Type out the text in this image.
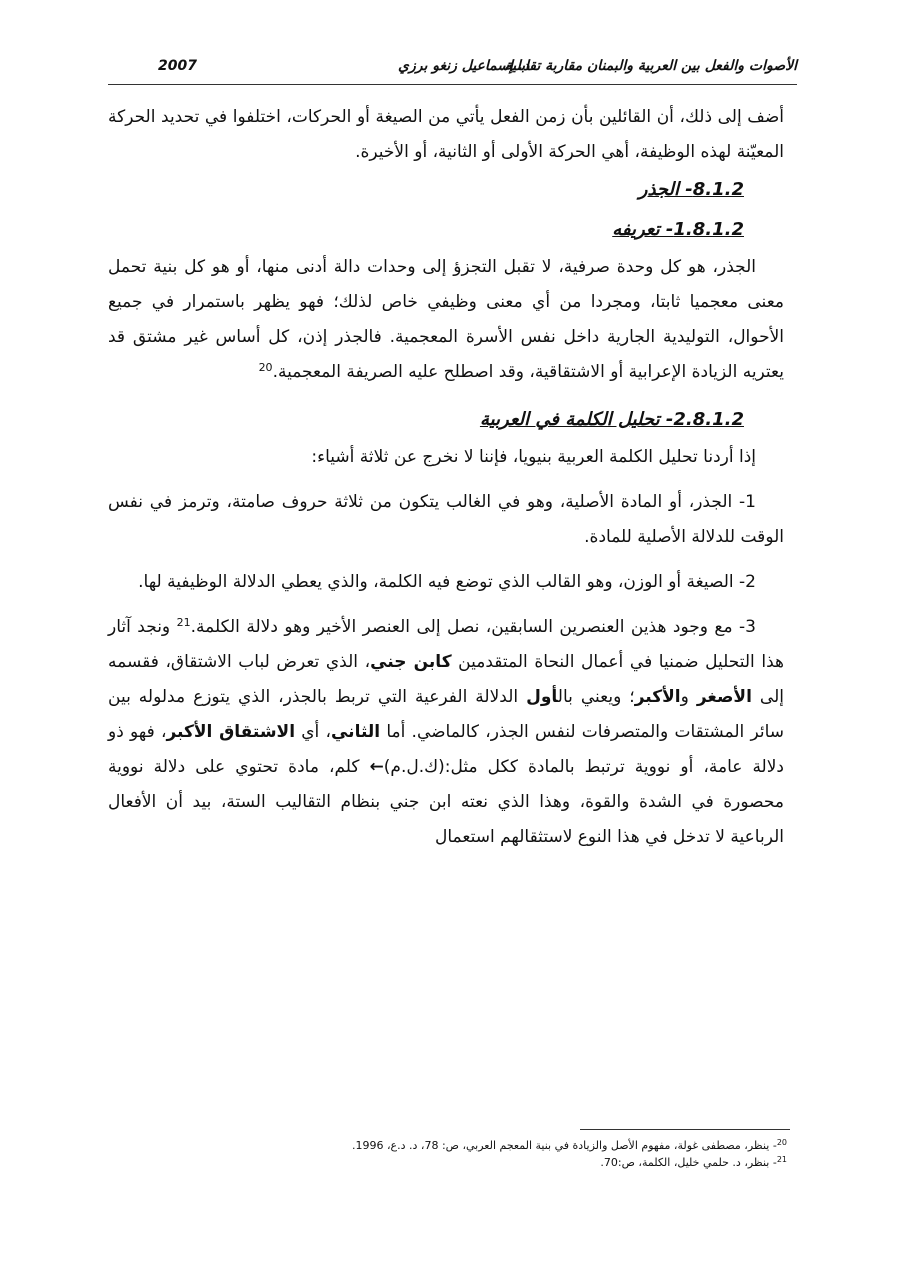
الأصوات والفعل بين العربية والبمنان مقاربة تقابلية
د. إسماعيل زنغو برزي
2007

أضف إلى ذلك، أن القائلين بأن زمن الفعل يأتي من الصيغة أو الحركات، اختلفوا في تحديد الحركة المعيّنة لهذه الوظيفة، أهي الحركة الأولى أو الثانية، أو الأخيرة.

8.1.2- الجذر
1.8.1.2- تعريفه

الجذر، هو كل وحدة صرفية، لا تقبل التجزؤ إلى وحدات دالة أدنى منها، أو هو كل بنية تحمل معنى معجميا ثابتا، ومجردا من أي معنى وظيفي خاص لذلك؛ فهو يظهر باستمرار في جميع الأحوال، التوليدية الجارية داخل نفس الأسرة المعجمية. فالجذر إذن، كل أساس غير مشتق قد يعتريه الزيادة الإعرابية أو الاشتقاقية، وقد اصطلح عليه الصريفة المعجمية.$^{20}$

2.8.1.2- تحليل الكلمة في العربية

إذا أردنا تحليل الكلمة العربية بنيويا، فإننا لا نخرج عن ثلاثة أشياء:

1- الجذر، أو المادة الأصلية، وهو في الغالب يتكون من ثلاثة حروف صامتة، وترمز في نفس الوقت للدلالة الأصلية للمادة.

2- الصيغة أو الوزن، وهو القالب الذي توضع فيه الكلمة، والذي يعطي الدلالة الوظيفية لها.

3- مع وجود هذين العنصرين السابقين، نصل إلى العنصر الأخير وهو دلالة الكلمة.$^{21}$ ونجد آثار هذا التحليل ضمنيا في أعمال النحاة المتقدمين كابن جني، الذي تعرض لباب الاشتقاق، فقسمه إلى الأصغر والأكبر؛ ويعني بالأول الدلالة الفرعية التي تربط بالجذر، الذي يتوزع مدلوله بين سائر المشتقات والمتصرفات لنفس الجذر، كالماضي. أما الثاني، أي الاشتقاق الأكبر، فهو ذو دلالة عامة، أو نووية ترتبط بالمادة ككل مثل:(ك.ل.م)← كلم، مادة تحتوي على دلالة نووية محصورة في الشدة والقوة، وهذا الذي نعته ابن جني بنظام التقاليب الستة، بيد أن الأفعال الرباعية لا تدخل في هذا النوع لاستثقالهم استعمال

$^{20}$- ينظر، مصطفى غولة، مفهوم الأصل والزيادة في بنية المعجم العربي، ص: 78، د. د.ع، 1996.
$^{21}$- بنظر، د. حلمي خليل، الكلمة، ص:70.
